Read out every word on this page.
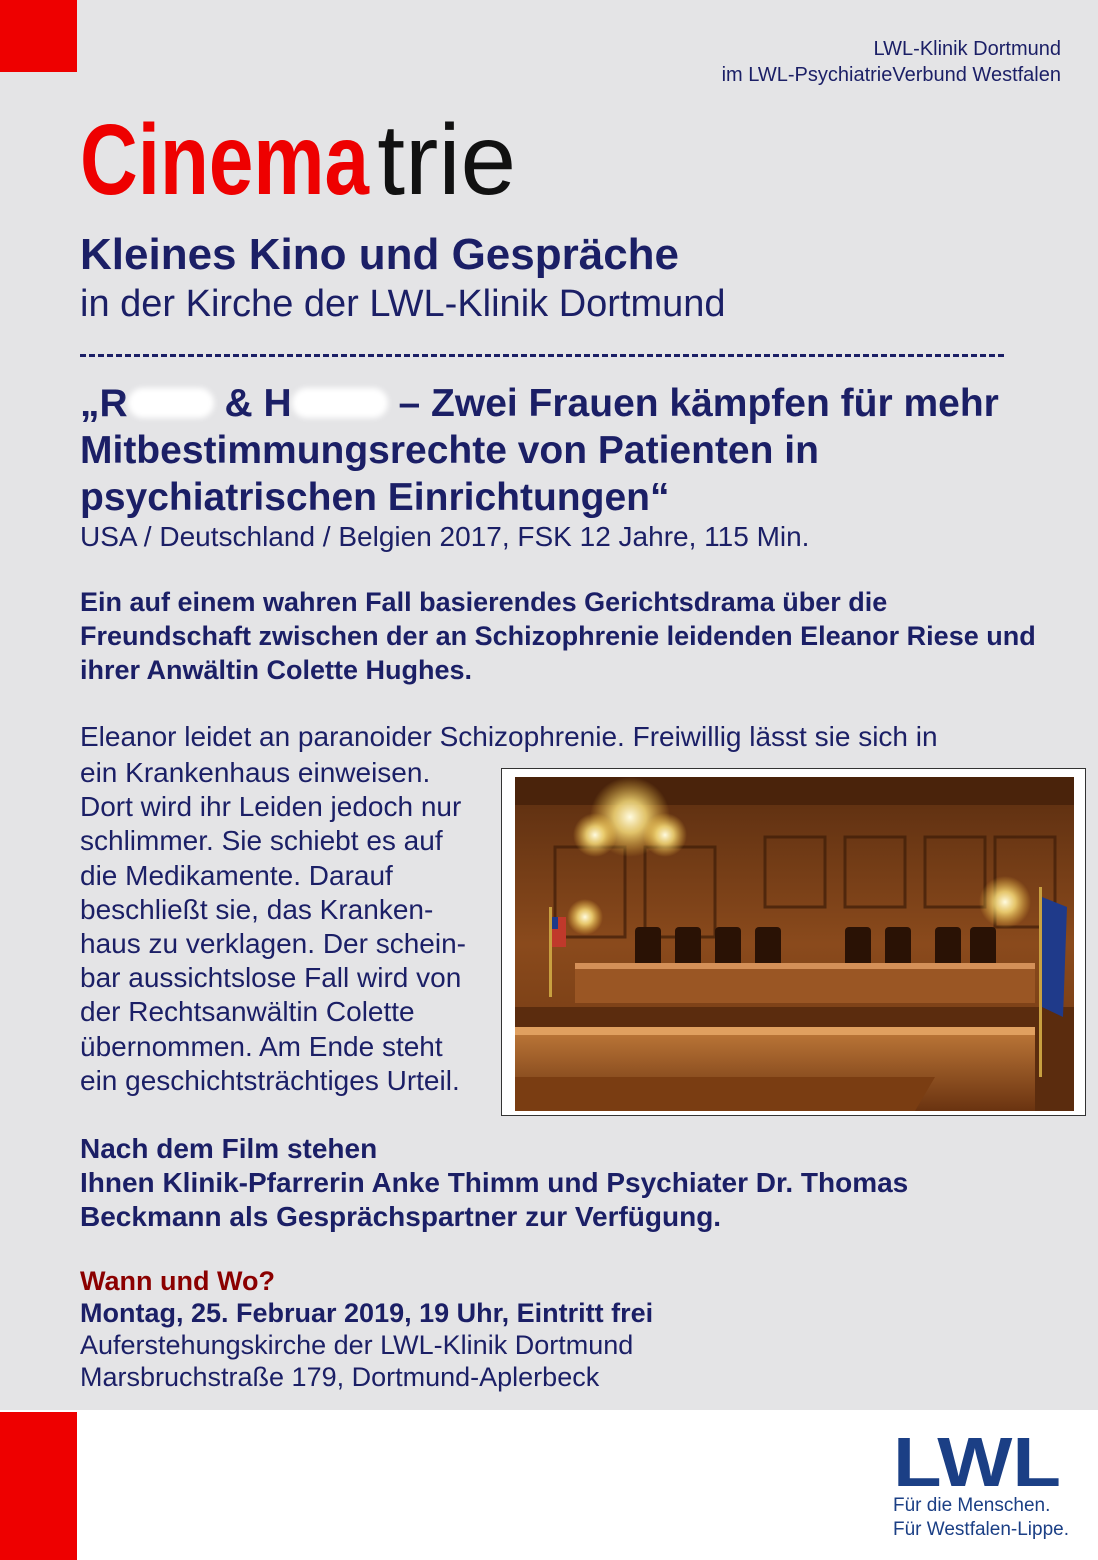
LWL-Klinik Dortmund
im LWL-PsychiatrieVerbund Westfalen
Cinematrie
Kleines Kino und Gespräche
in der Kirche der LWL-Klinik Dortmund
„R & H – Zwei Frauen kämpfen für mehr Mitbestimmungsrechte von Patienten in psychiatrischen Einrichtungen“
USA / Deutschland / Belgien 2017, FSK 12 Jahre, 115 Min.

Ein auf einem wahren Fall basierendes Gerichtsdrama über die Freundschaft zwischen der an Schizophrenie leidenden Eleanor Riese und ihrer Anwältin Colette Hughes.

Eleanor leidet an paranoider Schizophrenie. Freiwillig lässt sie sich in
ein Krankenhaus einweisen.
Dort wird ihr Leiden jedoch nur
schlimmer. Sie schiebt es auf
die Medikamente. Darauf
beschließt sie, das Kranken-
haus zu verklagen. Der schein-
bar aussichtslose Fall wird von
der Rechtsanwältin Colette
übernommen. Am Ende steht
ein geschichtsträchtiges Urteil.
Nach dem Film stehen
Ihnen Klinik-Pfarrerin Anke Thimm und Psychiater Dr. Thomas Beckmann als Gesprächspartner zur Verfügung.
Wann und Wo?
Montag, 25. Februar 2019, 19 Uhr, Eintritt frei
Auferstehungskirche der LWL-Klinik Dortmund
Marsbruchstraße 179, Dortmund-Aplerbeck
LWL
Für die Menschen.
Für Westfalen-Lippe.
